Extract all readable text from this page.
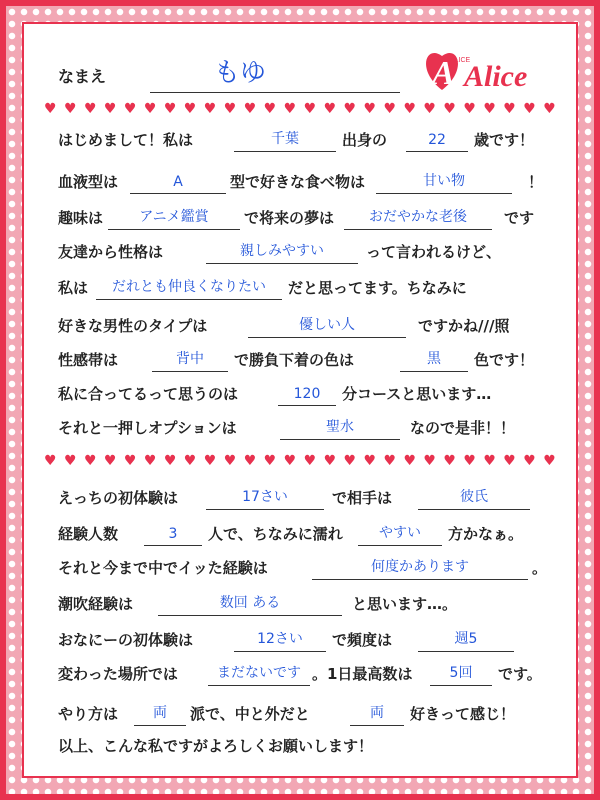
なまえ	もゆ	A Alice
ALICE
♥ ♥ ♥ ♥ ♥ ♥ ♥ ♥ ♥ ♥ ♥ ♥ ♥ ♥ ♥ ♥ ♥ ♥ ♥ ♥ ♥ ♥ ♥ ♥ ♥ ♥
はじめまして！私は	千葉	出身の	22	歳です！
血液型は	A	型で好きな食べ物は	甘い物	！
趣味は	アニメ鑑賞	で将来の夢は	おだやかな老後	です
友達から性格は	親しみやすい	って言われるけど、
私は	だれとも仲良くなりたい	だと思ってます。ちなみに
好きな男性のタイプは	優しい人	ですかね///照
性感帯は	背中	で勝負下着の色は	黒	色です！
私に合ってるって思うのは	120	分コースと思います…
それと一押しオプションは	聖水	なので是非！！
♥ ♥ ♥ ♥ ♥ ♥ ♥ ♥ ♥ ♥ ♥ ♥ ♥ ♥ ♥ ♥ ♥ ♥ ♥ ♥ ♥ ♥ ♥ ♥ ♥ ♥
えっちの初体験は	17さい	で相手は	彼氏
経験人数	3	人で、ちなみに濡れ	やすい	方かなぁ。
それと今まで中でイッた経験は	何度かあります	。
潮吹経験は	数回 ある	と思います…。
おなにーの初体験は	12さい	で頻度は	週5
変わった場所では	まだないです 。1日最高数は	5回	です。
やり方は	両	派で、中と外だと	両	好きって感じ！
以上、こんな私ですがよろしくお願いします！
